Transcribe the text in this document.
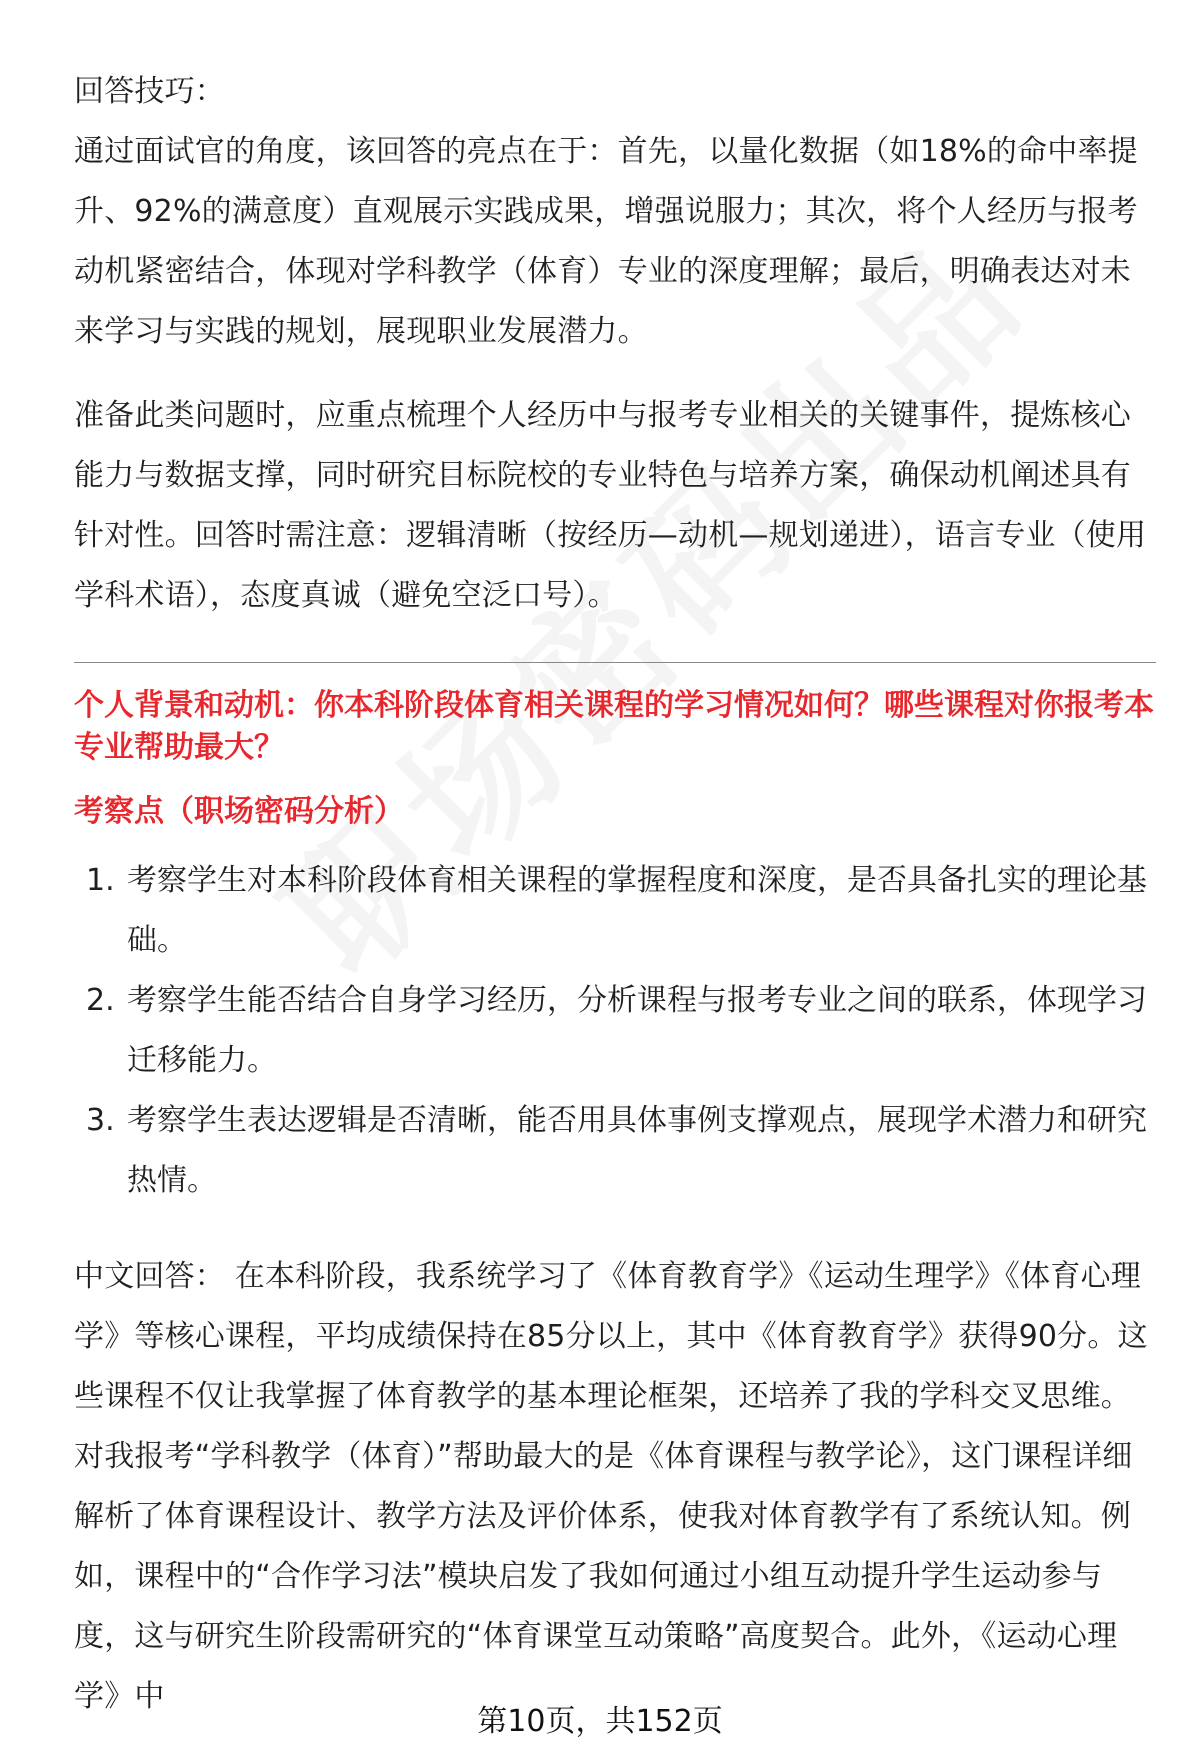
回答技巧：

通过面试官的角度，该回答的亮点在于：首先，以量化数据（如18%的命中率提升、92%的满意度）直观展示实践成果，增强说服力；其次，将个人经历与报考动机紧密结合，体现对学科教学（体育）专业的深度理解；最后，明确表达对未来学习与实践的规划，展现职业发展潜力。

准备此类问题时，应重点梳理个人经历中与报考专业相关的关键事件，提炼核心能力与数据支撑，同时研究目标院校的专业特色与培养方案，确保动机阐述具有针对性。回答时需注意：逻辑清晰（按经历—动机—规划递进），语言专业（使用学科术语），态度真诚（避免空泛口号）。

个人背景和动机：你本科阶段体育相关课程的学习情况如何？哪些课程对你报考本专业帮助最大？
考察点（职场密码分析）
1. 考察学生对本科阶段体育相关课程的掌握程度和深度，是否具备扎实的理论基础。
2. 考察学生能否结合自身学习经历，分析课程与报考专业之间的联系，体现学习迁移能力。
3. 考察学生表达逻辑是否清晰，能否用具体事例支撑观点，展现学术潜力和研究热情。

中文回答： 在本科阶段，我系统学习了《体育教育学》《运动生理学》《体育心理学》等核心课程，平均成绩保持在85分以上，其中《体育教育学》获得90分。这些课程不仅让我掌握了体育教学的基本理论框架，还培养了我的学科交叉思维。对我报考“学科教学（体育）”帮助最大的是《体育课程与教学论》，这门课程详细解析了体育课程设计、教学方法及评价体系，使我对体育教学有了系统认知。例如，课程中的“合作学习法”模块启发了我如何通过小组互动提升学生运动参与度，这与研究生阶段需研究的“体育课堂互动策略”高度契合。此外，《运动心理学》中

第10页，共152页
